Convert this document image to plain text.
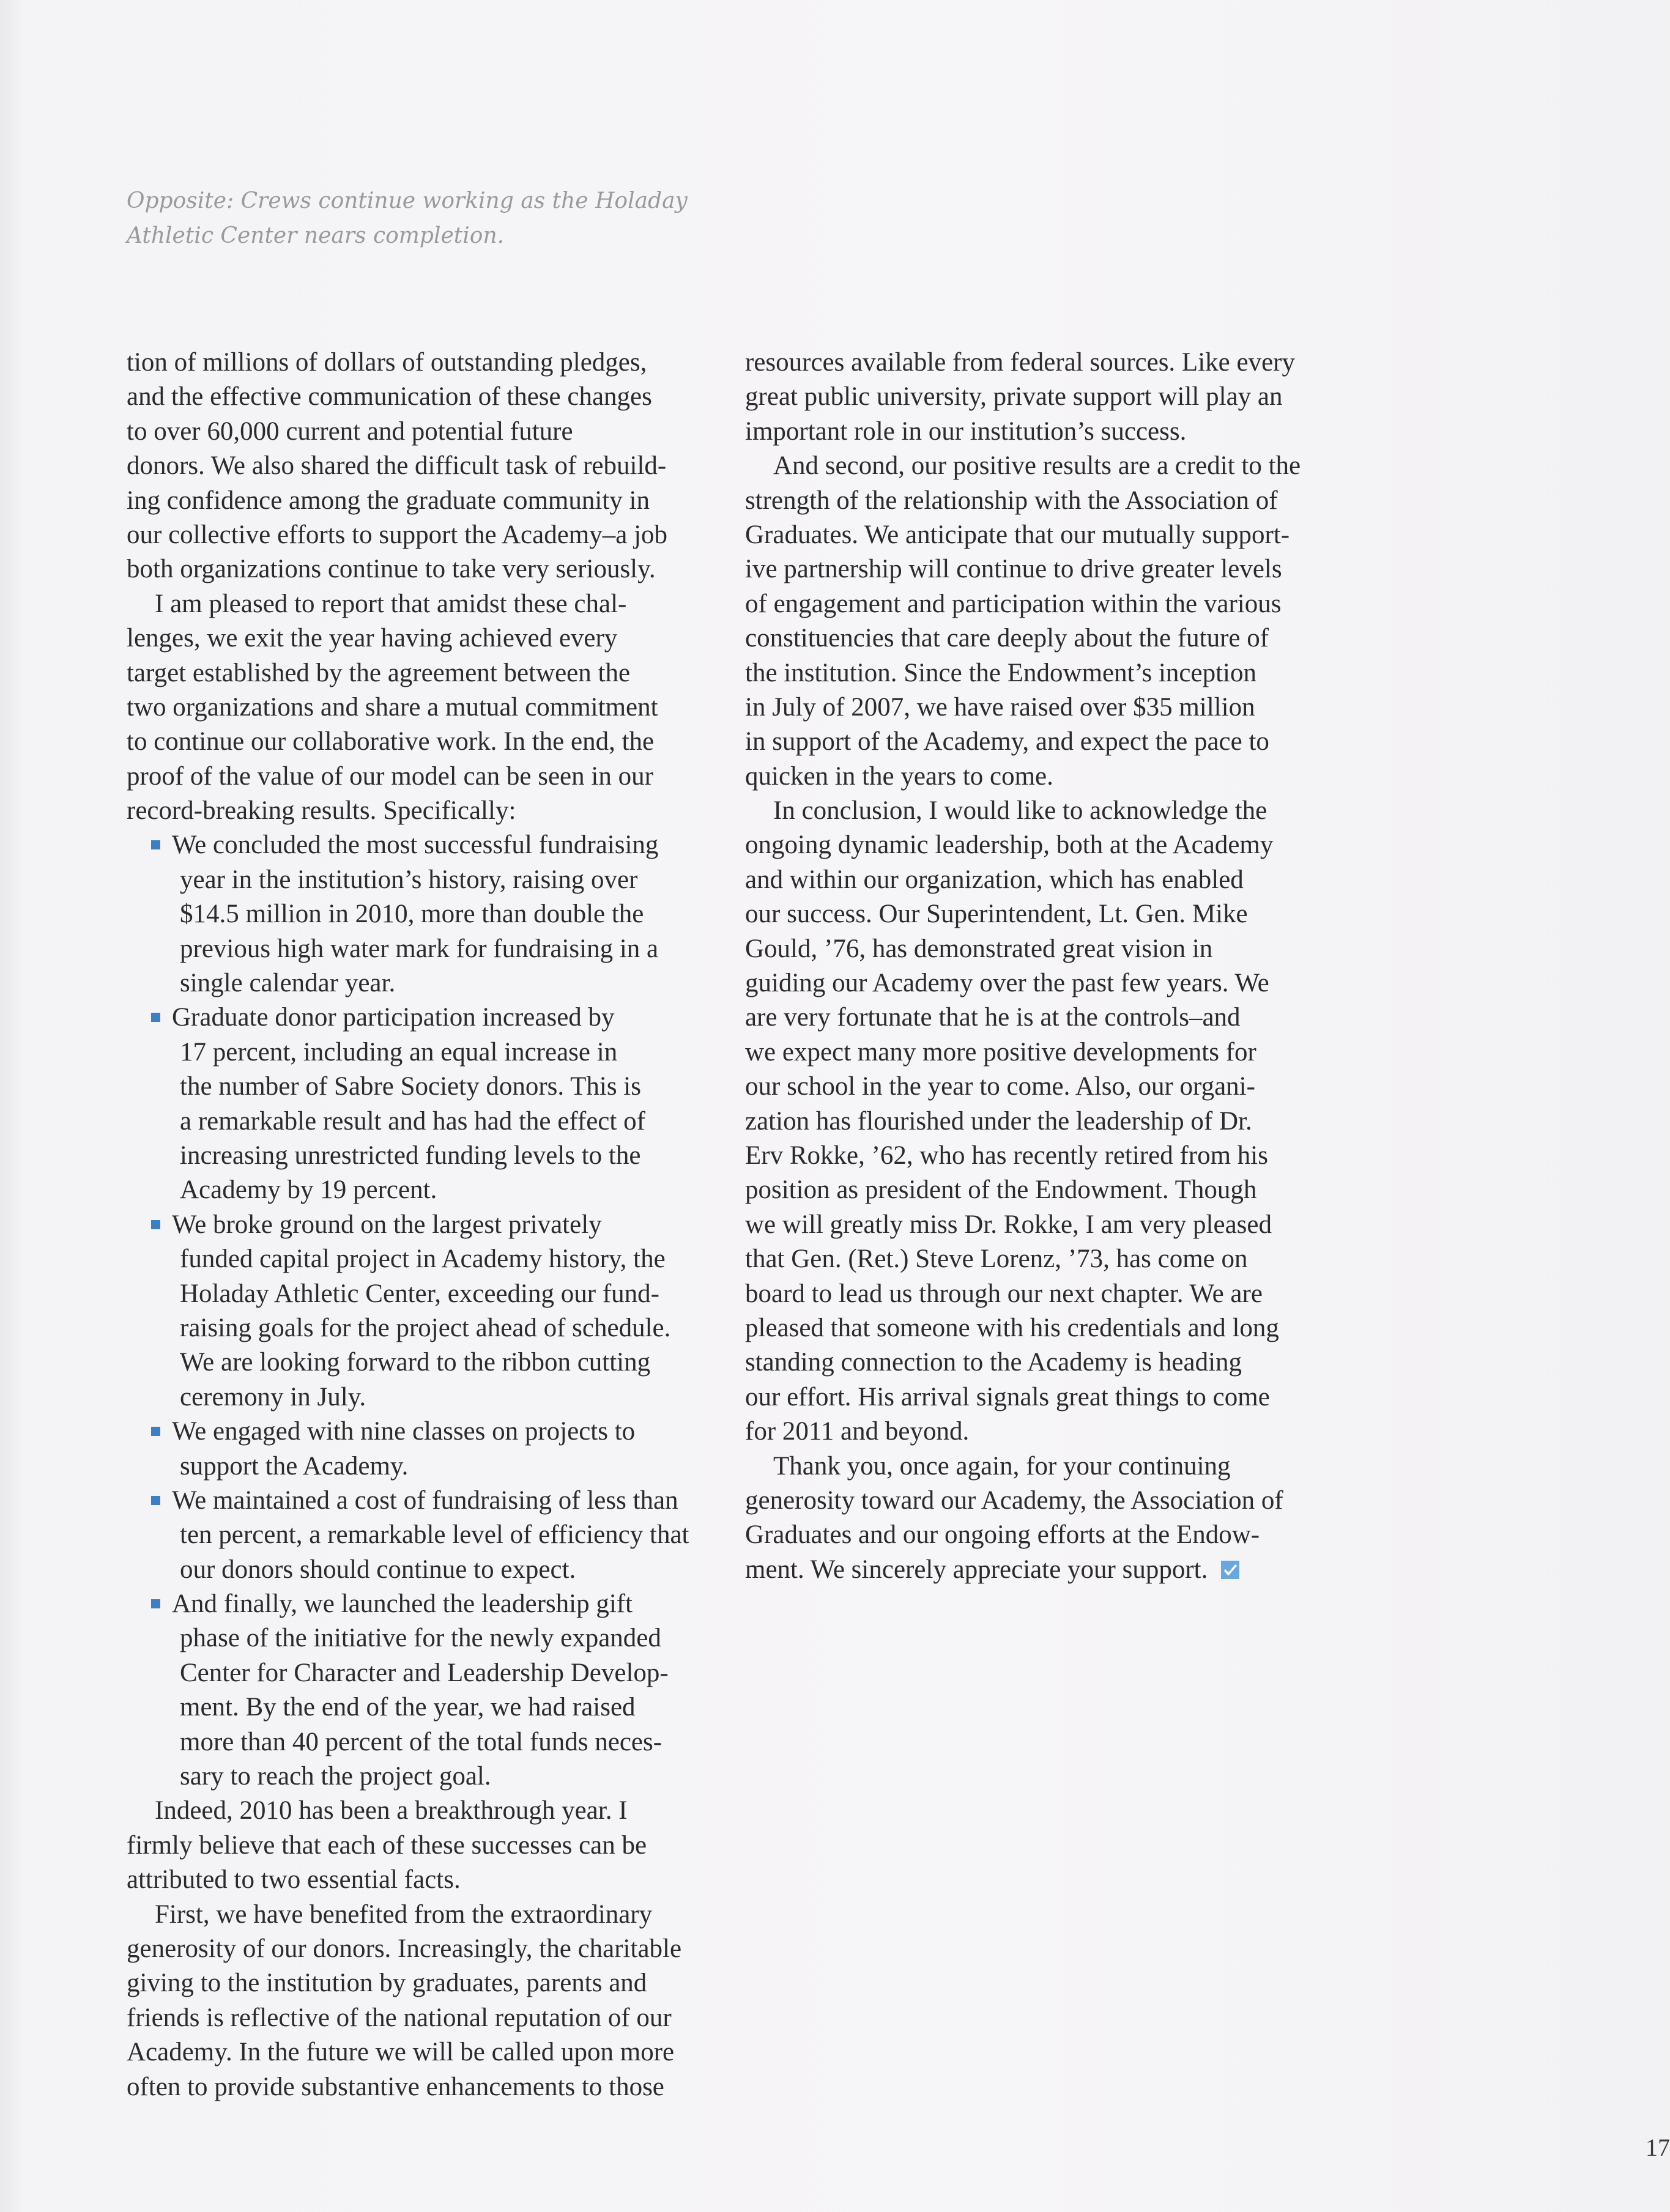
Opposite: Crews continue working as the Holaday
Athletic Center nears completion.
tion of millions of dollars of outstanding pledges,
and the effective communication of these changes
to over 60,000 current and potential future
donors. We also shared the difficult task of rebuild-
ing confidence among the graduate community in
our collective efforts to support the Academy–a job
both organizations continue to take very seriously.
I am pleased to report that amidst these chal-
lenges, we exit the year having achieved every
target established by the agreement between the
two organizations and share a mutual commitment
to continue our collaborative work. In the end, the
proof of the value of our model can be seen in our
record-breaking results. Specifically:
We concluded the most successful fundraising
year in the institution’s history, raising over
$14.5 million in 2010, more than double the
previous high water mark for fundraising in a
single calendar year.
Graduate donor participation increased by
17 percent, including an equal increase in
the number of Sabre Society donors. This is
a remarkable result and has had the effect of
increasing unrestricted funding levels to the
Academy by 19 percent.
We broke ground on the largest privately
funded capital project in Academy history, the
Holaday Athletic Center, exceeding our fund-
raising goals for the project ahead of schedule.
We are looking forward to the ribbon cutting
ceremony in July.
We engaged with nine classes on projects to
support the Academy.
We maintained a cost of fundraising of less than
ten percent, a remarkable level of efficiency that
our donors should continue to expect.
And finally, we launched the leadership gift
phase of the initiative for the newly expanded
Center for Character and Leadership Develop-
ment. By the end of the year, we had raised
more than 40 percent of the total funds neces-
sary to reach the project goal.
Indeed, 2010 has been a breakthrough year. I
firmly believe that each of these successes can be
attributed to two essential facts.
First, we have benefited from the extraordinary
generosity of our donors. Increasingly, the charitable
giving to the institution by graduates, parents and
friends is reflective of the national reputation of our
Academy. In the future we will be called upon more
often to provide substantive enhancements to those
resources available from federal sources. Like every
great public university, private support will play an
important role in our institution’s success.
And second, our positive results are a credit to the
strength of the relationship with the Association of
Graduates. We anticipate that our mutually support-
ive partnership will continue to drive greater levels
of engagement and participation within the various
constituencies that care deeply about the future of
the institution. Since the Endowment’s inception
in July of 2007, we have raised over $35 million
in support of the Academy, and expect the pace to
quicken in the years to come.
In conclusion, I would like to acknowledge the
ongoing dynamic leadership, both at the Academy
and within our organization, which has enabled
our success. Our Superintendent, Lt. Gen. Mike
Gould, ’76, has demonstrated great vision in
guiding our Academy over the past few years. We
are very fortunate that he is at the controls–and
we expect many more positive developments for
our school in the year to come. Also, our organi-
zation has flourished under the leadership of Dr.
Erv Rokke, ’62, who has recently retired from his
position as president of the Endowment. Though
we will greatly miss Dr. Rokke, I am very pleased
that Gen. (Ret.) Steve Lorenz, ’73, has come on
board to lead us through our next chapter. We are
pleased that someone with his credentials and long
standing connection to the Academy is heading
our effort. His arrival signals great things to come
for 2011 and beyond.
Thank you, once again, for your continuing
generosity toward our Academy, the Association of
Graduates and our ongoing efforts at the Endow-
ment. We sincerely appreciate your support.
17
